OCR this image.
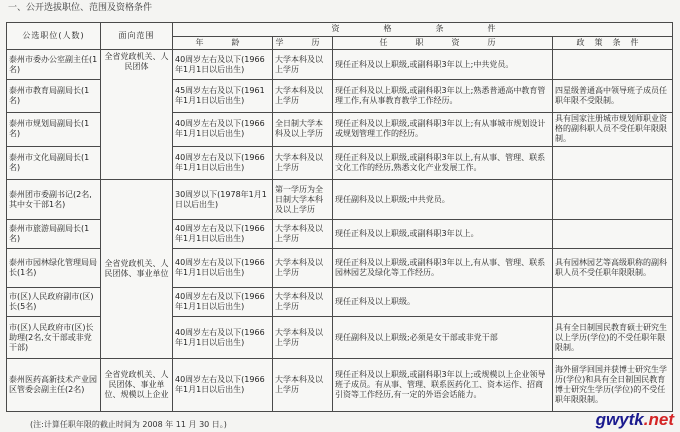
一、公开选拔职位、范围及资格条件
公选职位(人数)	面向范围	资　格　条　件			
		年　龄	学　历	任　职　资　历	政策条件
泰州市委办公室副主任(1名)	全省党政机关、人民团体	40周岁左右及以下(1966年1月1日以后出生)	大学本科及以上学历	现任正科及以上职级,或副科职3年以上;中共党员。	
泰州市教育局副局长(1名)		45周岁左右及以下(1961年1月1日以后出生)	大学本科及以上学历	现任正科及以上职级,或副科职3年以上;熟悉普通高中教育管理工作,有从事教育教学工作经历。	四星级普通高中领导班子成员任职年限不受限制。
泰州市规划局副局长(1名)		40周岁左右及以下(1966年1月1日以后出生)	全日制大学本科及以上学历	现任正科及以上职级,或副科职3年以上;有从事城市规划设计或规划管理工作的经历。	具有国家注册城市规划师职业资格的副科职人员不受任职年限限制。
泰州市文化局副局长(1名)		40周岁左右及以下(1966年1月1日以后出生)	大学本科及以上学历	现任正科及以上职级,或副科职3年以上,有从事、管理、联系文化工作的经历,熟悉文化产业发展工作。	
泰州团市委副书记(2名,其中女干部1名)	全省党政机关、人民团体、事业单位	30周岁以下(1978年1月1日以后出生)	第一学历为全日制大学本科及以上学历	现任副科及以上职级;中共党员。	
泰州市旅游局副局长(1名)		40周岁左右及以下(1966年1月1日以后出生)	大学本科及以上学历	现任正科及以上职级,或副科职3年以上。	
泰州市园林绿化管理局局长(1名)		40周岁左右及以下(1966年1月1日以后出生)	大学本科及以上学历	现任正科及以上职级,或副科职3年以上,有从事、管理、联系园林园艺及绿化等工作经历。	具有园林园艺等高级职称的副科职人员不受任职年限限制。
市(区)人民政府副市(区)长(5名)		40周岁左右及以下(1966年1月1日以后出生)	大学本科及以上学历	现任正科及以上职级。	
市(区)人民政府市(区)长助理(2名,女干部或非党干部)		40周岁左右及以下(1966年1月1日以后出生)	大学本科及以上学历	现任副科及以上职级;必须是女干部或非党干部	具有全日制国民教育硕士研究生以上学历(学位)的不受任职年限限制。
泰州医药高新技术产业园区管委会副主任(2名)	全省党政机关、人民团体、事业单位、规模以上企业	40周岁左右及以下(1966年1月1日以后出生)	大学本科及以上学历	现任正科及以上职级,或副科职3年以上;或规模以上企业领导班子成员。有从事、管理、联系医药化工、资本运作、招商引资等工作经历,有一定的外语会话能力。	海外留学回国并获博士研究生学历(学位)和具有全日制国民教育博士研究生学历(学位)的不受任职年限限制。
(注:计算任职年限的截止时间为 2008 年 11 月 30 日。)	gwytk.net
